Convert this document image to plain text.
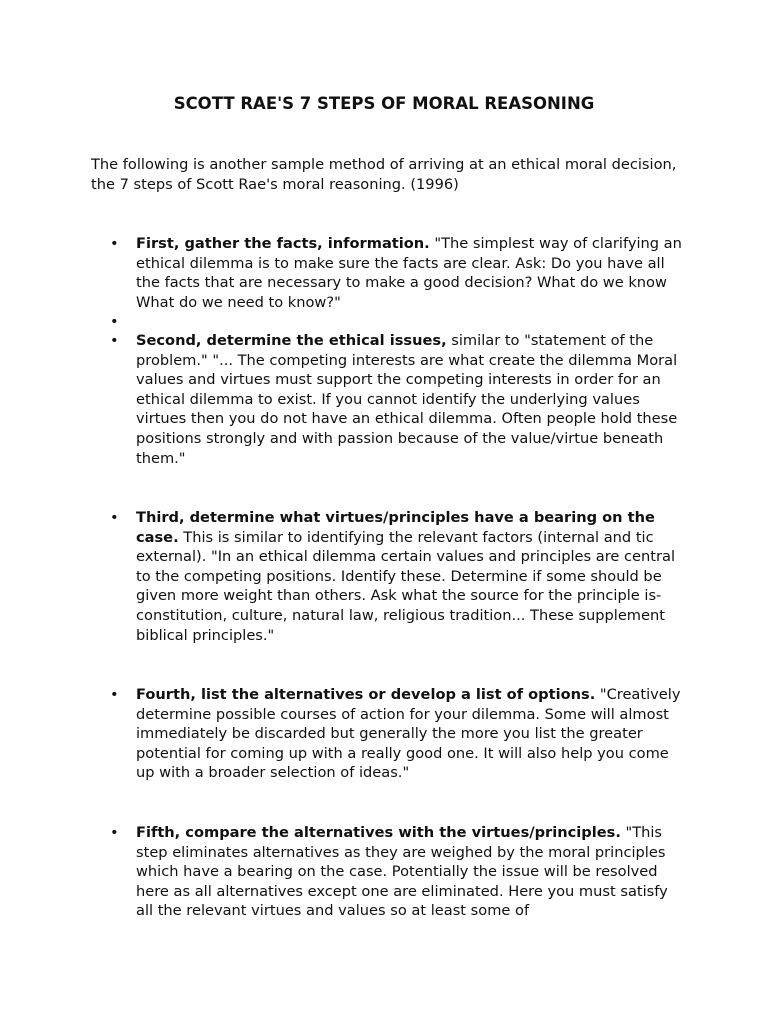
SCOTT RAE'S 7 STEPS OF MORAL REASONING

The following is another sample method of arriving at an ethical moral decision, the 7 steps of Scott Rae's moral reasoning. (1996)

•	First, gather the facts, information. "The simplest way of clarifying an ethical dilemma is to make sure the facts are clear. Ask: Do you have all the facts that are necessary to make a good decision? What do we know What do we need to know?"
•
•	Second, determine the ethical issues, similar to "statement of the problem." "... The competing interests are what create the dilemma Moral values and virtues must support the competing interests in order for an ethical dilemma to exist. If you cannot identify the underlying values virtues then you do not have an ethical dilemma. Often people hold these positions strongly and with passion because of the value/virtue beneath them."
•	Third, determine what virtues/principles have a bearing on the case. This is similar to identifying the relevant factors (internal and tic external). "In an ethical dilemma certain values and principles are central to the competing positions. Identify these. Determine if some should be given more weight than others. Ask what the source for the principle is- constitution, culture, natural law, religious tradition... These supplement biblical principles."
•	Fourth, list the alternatives or develop a list of options. "Creatively determine possible courses of action for your dilemma. Some will almost immediately be discarded but generally the more you list the greater potential for coming up with a really good one. It will also help you come up with a broader selection of ideas."
•	Fifth, compare the alternatives with the virtues/principles. "This step eliminates alternatives as they are weighed by the moral principles which have a bearing on the case. Potentially the issue will be resolved here as all alternatives except one are eliminated. Here you must satisfy all the relevant virtues and values so at least some of
